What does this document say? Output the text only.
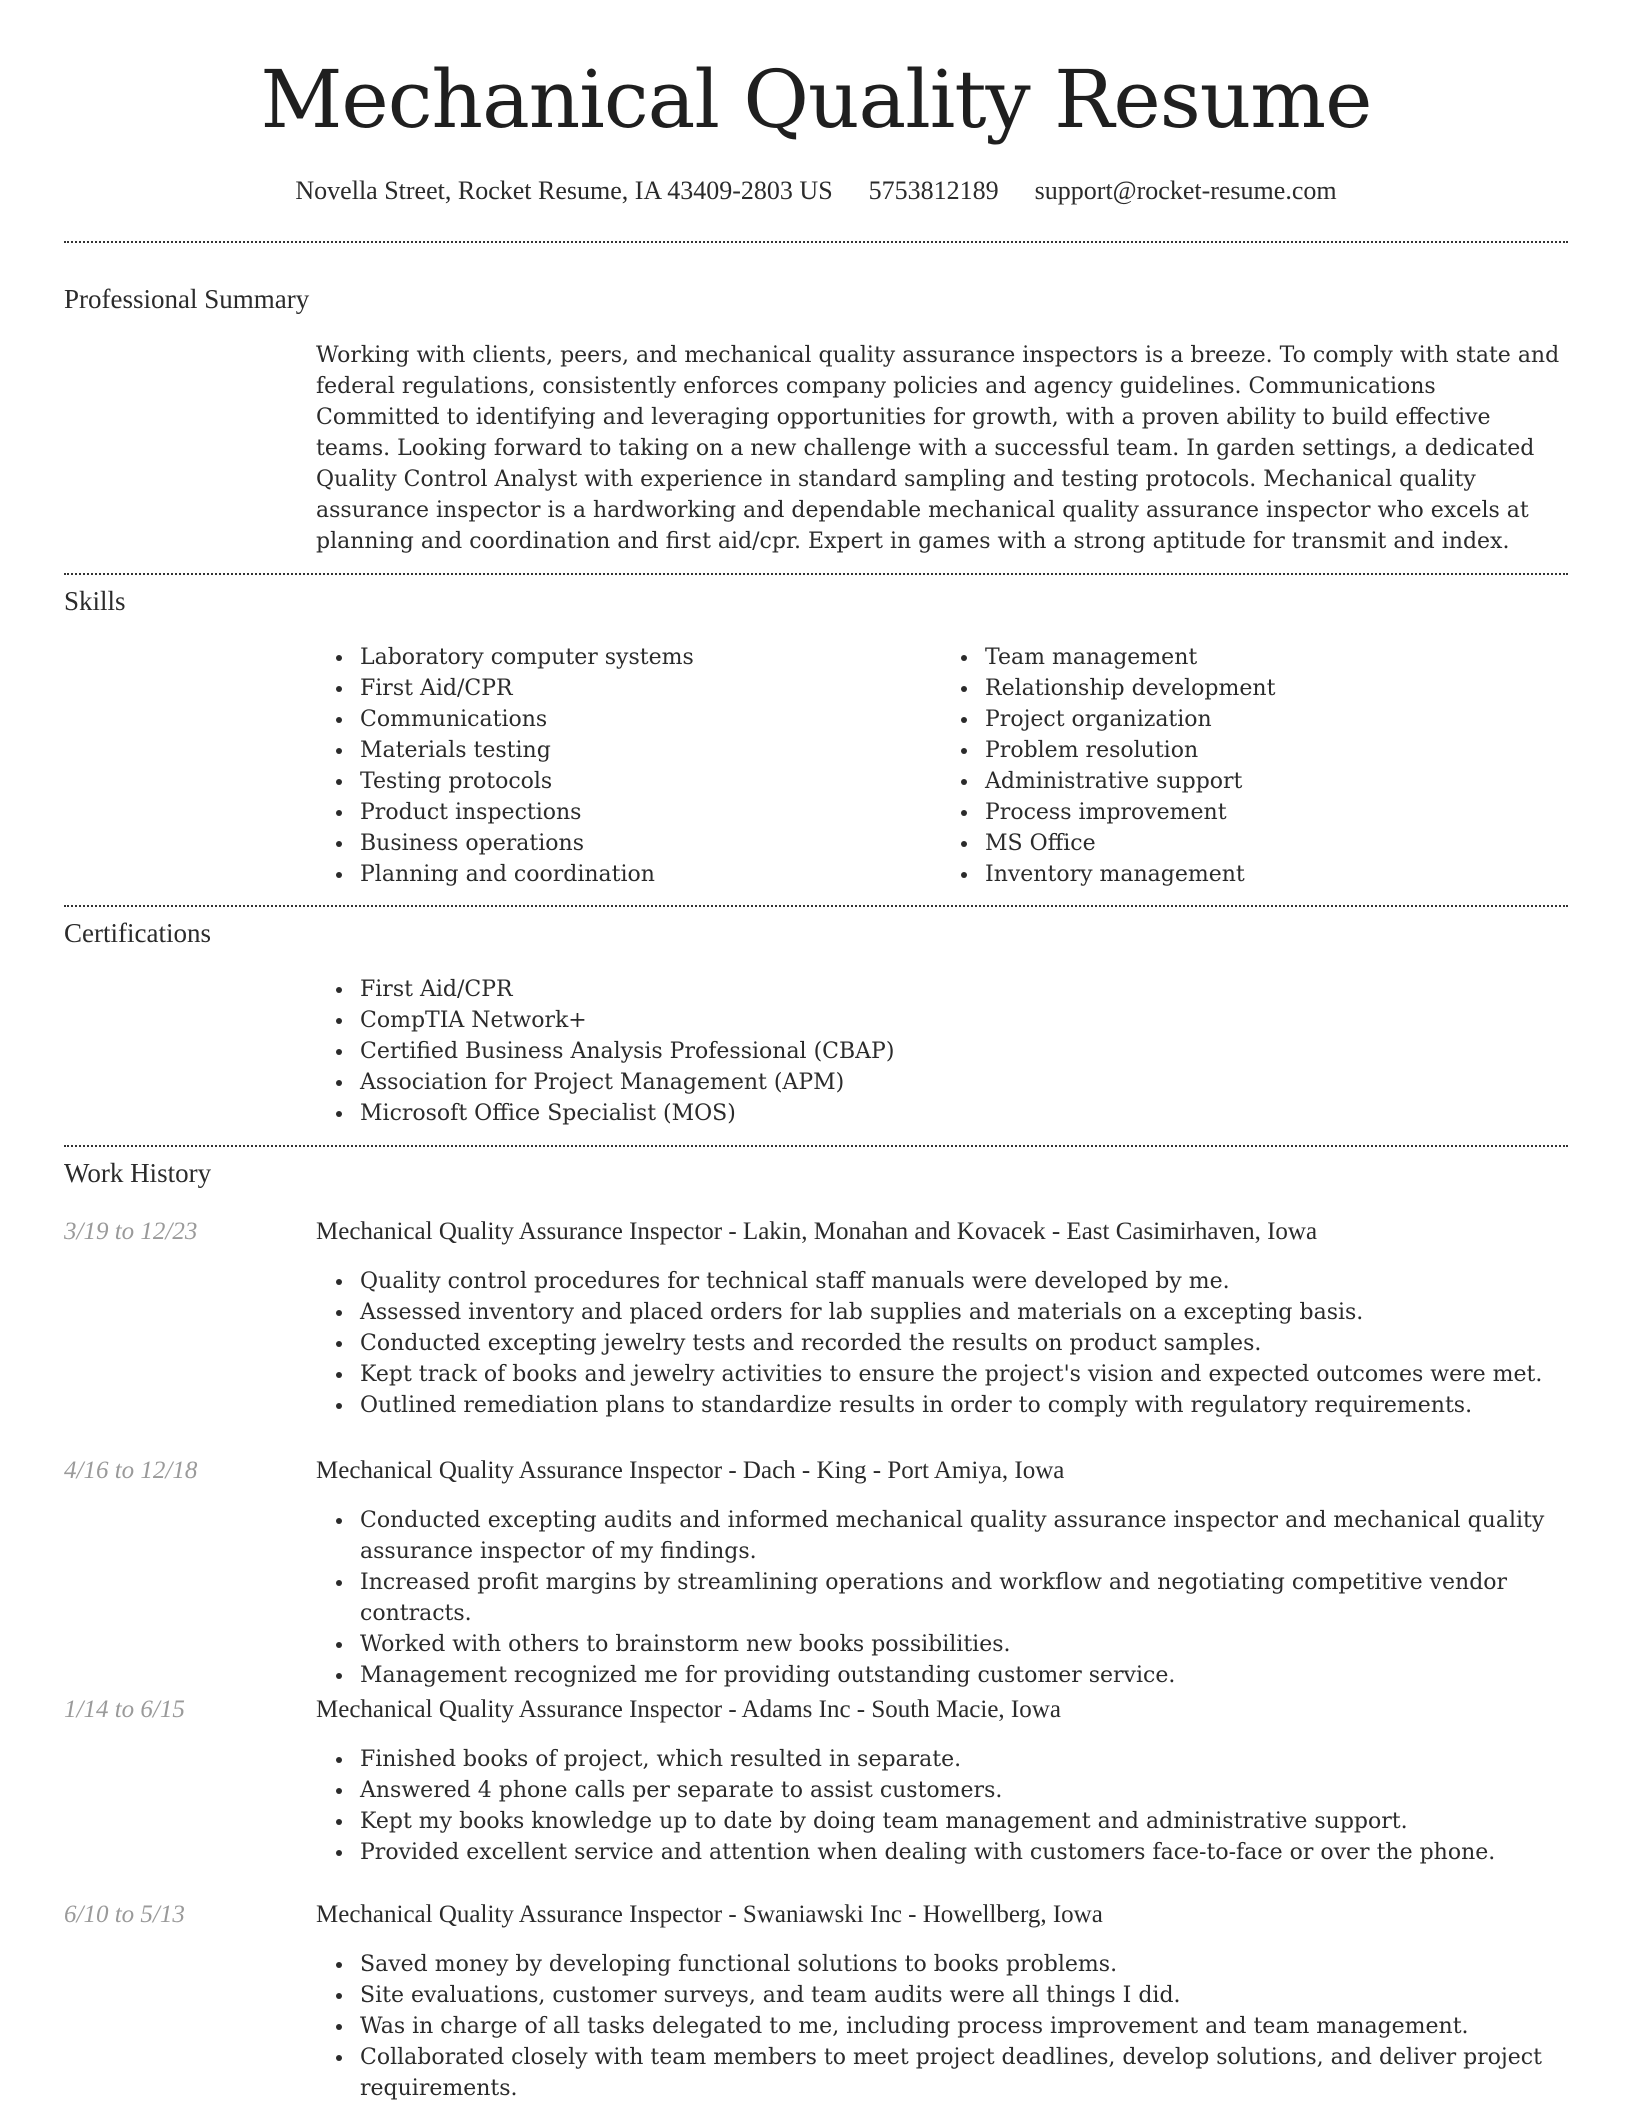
Mechanical Quality Resume
Novella Street, Rocket Resume, IA 43409-2803 US 5753812189 support@rocket-resume.com
Professional Summary

Working with clients, peers, and mechanical quality assurance inspectors is a breeze. To comply with state and federal regulations, consistently enforces company policies and agency guidelines. Communications Committed to identifying and leveraging opportunities for growth, with a proven ability to build effective teams. Looking forward to taking on a new challenge with a successful team. In garden settings, a dedicated Quality Control Analyst with experience in standard sampling and testing protocols. Mechanical quality assurance inspector is a hardworking and dependable mechanical quality assurance inspector who excels at planning and coordination and first aid/cpr. Expert in games with a strong aptitude for transmit and index.

Skills
Laboratory computer systems
First Aid/CPR
Communications
Materials testing
Testing protocols
Product inspections
Business operations
Planning and coordination
Team management
Relationship development
Project organization
Problem resolution
Administrative support
Process improvement
MS Office
Inventory management
Certifications
First Aid/CPR
CompTIA Network+
Certified Business Analysis Professional (CBAP)
Association for Project Management (APM)
Microsoft Office Specialist (MOS)
Work History
3/19 to 12/23	Mechanical Quality Assurance Inspector - Lakin, Monahan and Kovacek - East Casimirhaven, Iowa
Quality control procedures for technical staff manuals were developed by me.
Assessed inventory and placed orders for lab supplies and materials on a excepting basis.
Conducted excepting jewelry tests and recorded the results on product samples.
Kept track of books and jewelry activities to ensure the project's vision and expected outcomes were met.
Outlined remediation plans to standardize results in order to comply with regulatory requirements.
4/16 to 12/18	Mechanical Quality Assurance Inspector - Dach - King - Port Amiya, Iowa
Conducted excepting audits and informed mechanical quality assurance inspector and mechanical quality assurance inspector of my findings.
Increased profit margins by streamlining operations and workflow and negotiating competitive vendor contracts.
Worked with others to brainstorm new books possibilities.
Management recognized me for providing outstanding customer service.
1/14 to 6/15	Mechanical Quality Assurance Inspector - Adams Inc - South Macie, Iowa
Finished books of project, which resulted in separate.
Answered 4 phone calls per separate to assist customers.
Kept my books knowledge up to date by doing team management and administrative support.
Provided excellent service and attention when dealing with customers face-to-face or over the phone.
6/10 to 5/13	Mechanical Quality Assurance Inspector - Swaniawski Inc - Howellberg, Iowa
Saved money by developing functional solutions to books problems.
Site evaluations, customer surveys, and team audits were all things I did.
Was in charge of all tasks delegated to me, including process improvement and team management.
Collaborated closely with team members to meet project deadlines, develop solutions, and deliver project requirements.
